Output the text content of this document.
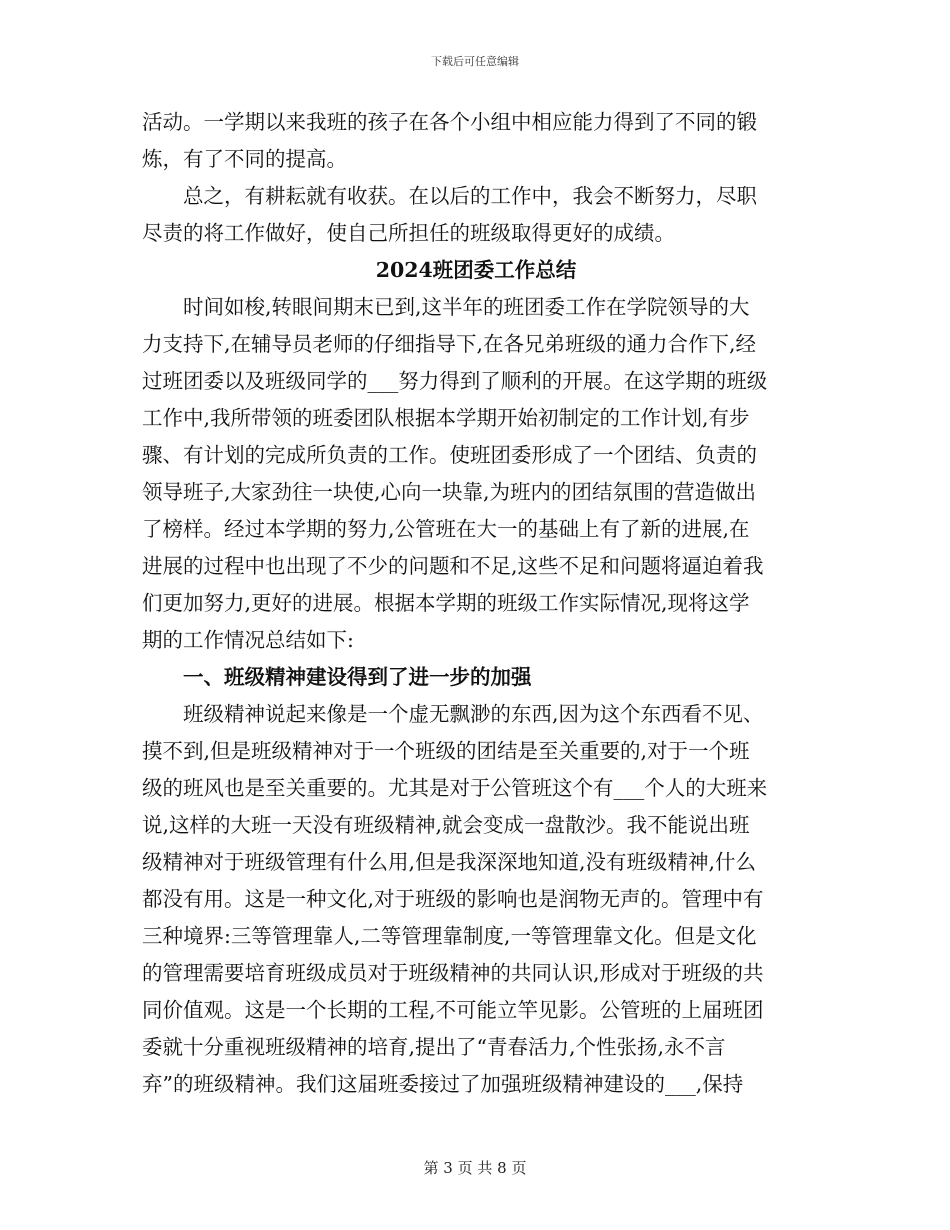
下载后可任意编辑
活动。一学期以来我班的孩子在各个小组中相应能力得到了不同的锻
炼，有了不同的提高。
总之，有耕耘就有收获。在以后的工作中，我会不断努力，尽职
尽责的将工作做好，使自己所担任的班级取得更好的成绩。
2024班团委工作总结
时间如梭,转眼间期末已到,这半年的班团委工作在学院领导的大
力支持下,在辅导员老师的仔细指导下,在各兄弟班级的通力合作下,经
过班团委以及班级同学的___努力得到了顺利的开展。在这学期的班级
工作中,我所带领的班委团队根据本学期开始初制定的工作计划,有步
骤、有计划的完成所负责的工作。使班团委形成了一个团结、负责的
领导班子,大家劲往一块使,心向一块靠,为班内的团结氛围的营造做出
了榜样。经过本学期的努力,公管班在大一的基础上有了新的进展,在
进展的过程中也出现了不少的问题和不足,这些不足和问题将逼迫着我
们更加努力,更好的进展。根据本学期的班级工作实际情况,现将这学
期的工作情况总结如下:
一、班级精神建设得到了进一步的加强
班级精神说起来像是一个虚无飘渺的东西,因为这个东西看不见、
摸不到,但是班级精神对于一个班级的团结是至关重要的,对于一个班
级的班风也是至关重要的。尤其是对于公管班这个有___个人的大班来
说,这样的大班一天没有班级精神,就会变成一盘散沙。我不能说出班
级精神对于班级管理有什么用,但是我深深地知道,没有班级精神,什么
都没有用。这是一种文化,对于班级的影响也是润物无声的。管理中有
三种境界:三等管理靠人,二等管理靠制度,一等管理靠文化。但是文化
的管理需要培育班级成员对于班级精神的共同认识,形成对于班级的共
同价值观。这是一个长期的工程,不可能立竿见影。公管班的上届班团
委就十分重视班级精神的培育,提出了“青春活力,个性张扬,永不言
弃”的班级精神。我们这届班委接过了加强班级精神建设的___,保持
第 3 页 共 8 页
